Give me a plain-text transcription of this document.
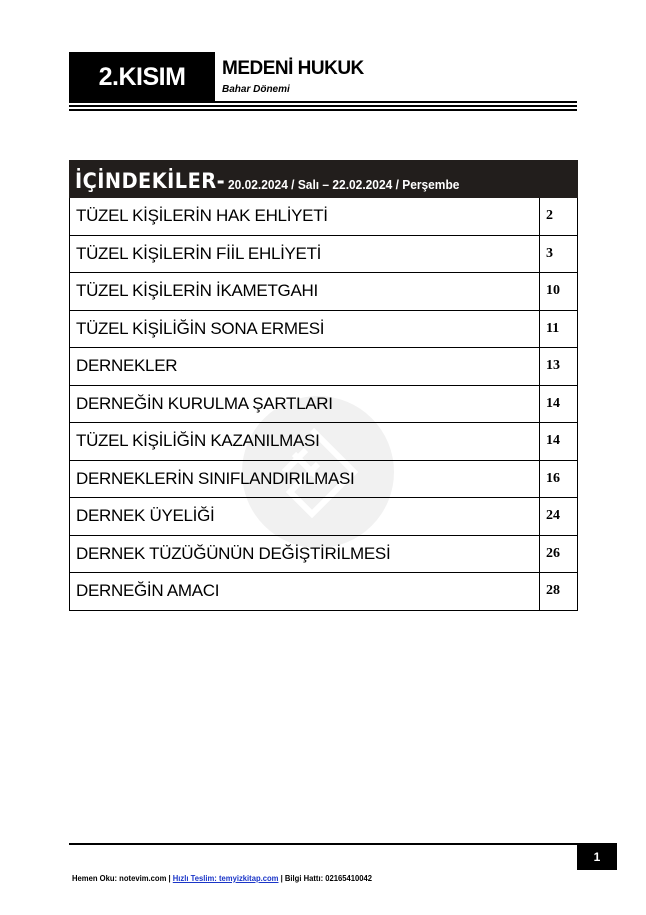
2.KISIM MEDENİ HUKUK
Bahar Dönemi
İÇİNDEKİLER- 20.02.2024 / Salı – 22.02.2024 / Perşembe
TÜZEL KİŞİLERİN HAK EHLİYETİ	2
TÜZEL KİŞİLERİN FİİL EHLİYETİ	3
TÜZEL KİŞİLERİN İKAMETGAHI	10
TÜZEL KİŞİLİĞİN SONA ERMESİ	11
DERNEKLER	13
DERNEĞİN KURULMA ŞARTLARI	14
TÜZEL KİŞİLİĞİN KAZANILMASI	14
DERNEKLERİN SINIFLANDIRILMASI	16
DERNEK ÜYELİĞİ	24
DERNEK TÜZÜĞÜNÜN DEĞİŞTİRİLMESİ	26
DERNEĞİN AMACI	28
1
Hemen Oku: notevim.com | Hızlı Teslim: temyizkitap.com | Bilgi Hattı: 02165410042
